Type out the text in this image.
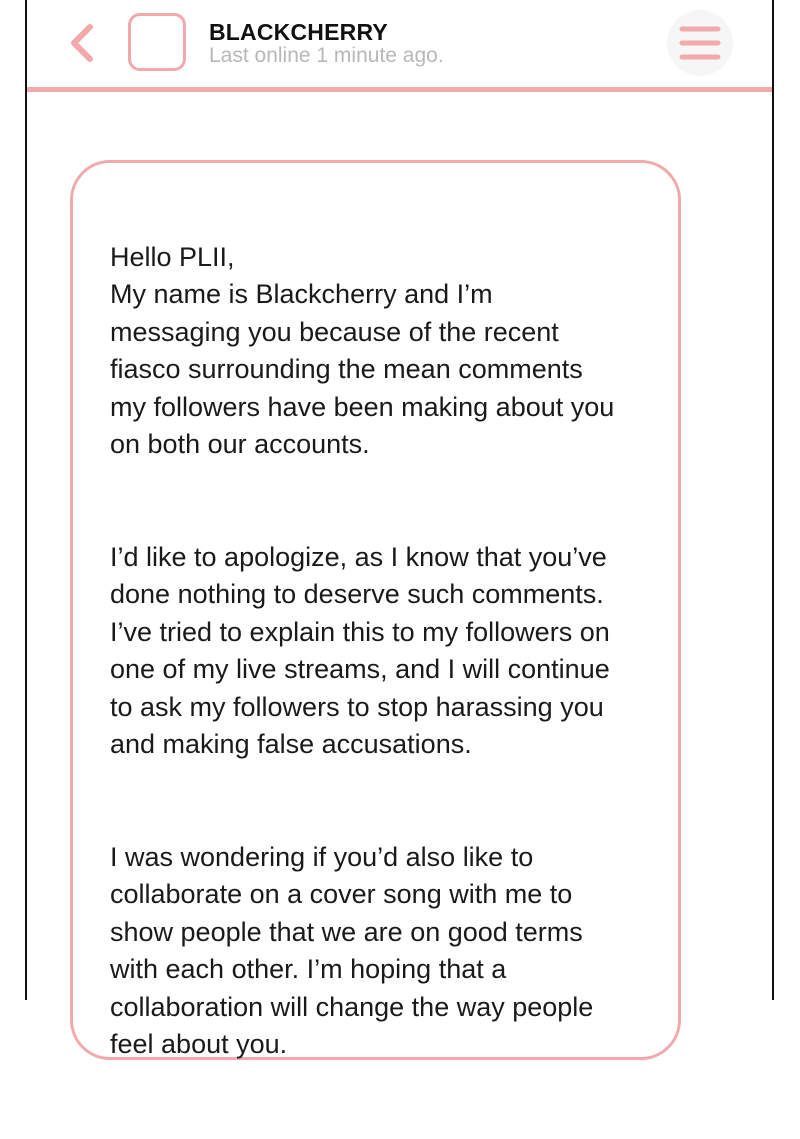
BLACKCHERRY
Last online 1 minute ago.

Hello PLII,
My name is Blackcherry and I’m
messaging you because of the recent
fiasco surrounding the mean comments
my followers have been making about you
on both our accounts.

I’d like to apologize, as I know that you’ve
done nothing to deserve such comments.
I’ve tried to explain this to my followers on
one of my live streams, and I will continue
to ask my followers to stop harassing you
and making false accusations.

I was wondering if you’d also like to
collaborate on a cover song with me to
show people that we are on good terms
with each other. I’m hoping that a
collaboration will change the way people
feel about you.
